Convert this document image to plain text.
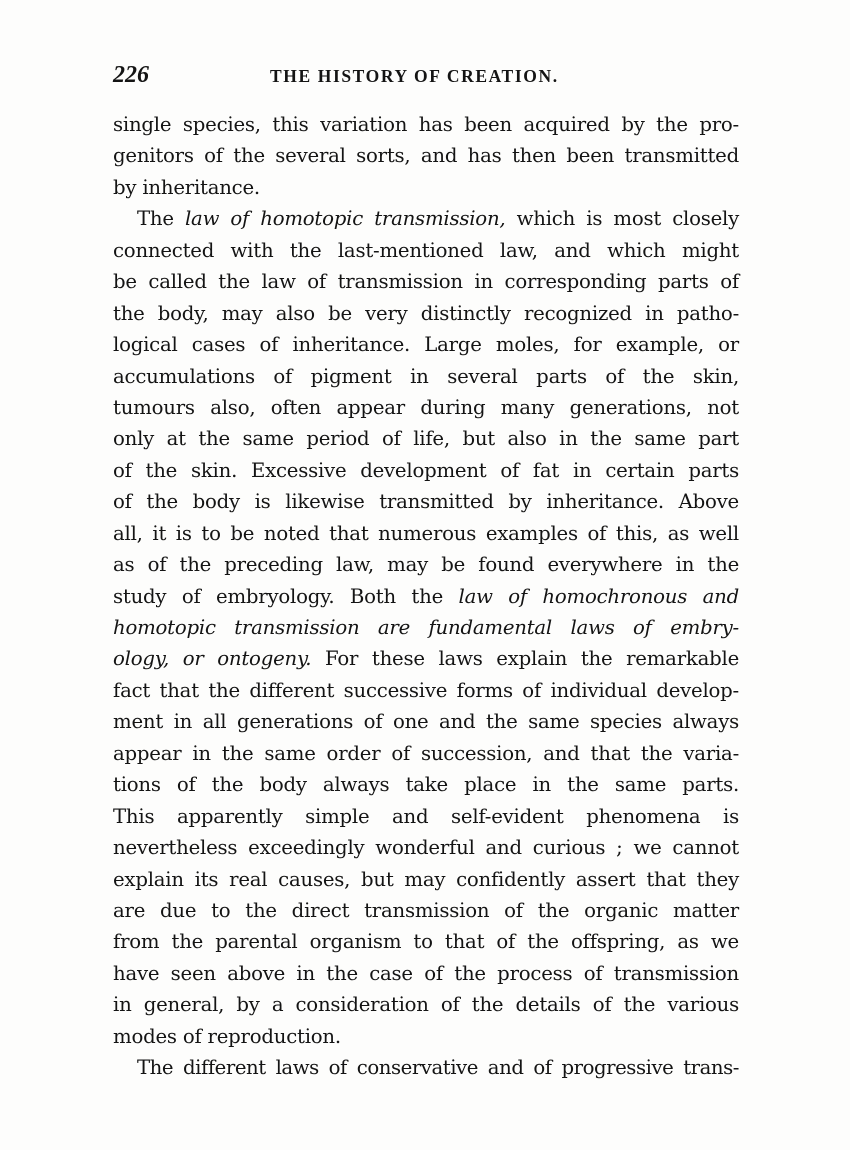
226	THE HISTORY OF CREATION.
single species, this variation has been acquired by the pro-
genitors of the several sorts, and has then been transmitted
by inheritance.
The law of homotopic transmission, which is most closely
connected with the last-mentioned law, and which might
be called the law of transmission in corresponding parts of
the body, may also be very distinctly recognized in patho-
logical cases of inheritance. Large moles, for example, or
accumulations of pigment in several parts of the skin,
tumours also, often appear during many generations, not
only at the same period of life, but also in the same part
of the skin. Excessive development of fat in certain parts
of the body is likewise transmitted by inheritance. Above
all, it is to be noted that numerous examples of this, as well
as of the preceding law, may be found everywhere in the
study of embryology. Both the law of homochronous and
homotopic transmission are fundamental laws of embry-
ology, or ontogeny. For these laws explain the remarkable
fact that the different successive forms of individual develop-
ment in all generations of one and the same species always
appear in the same order of succession, and that the varia-
tions of the body always take place in the same parts.
This apparently simple and self-evident phenomena is
nevertheless exceedingly wonderful and curious ; we cannot
explain its real causes, but may confidently assert that they
are due to the direct transmission of the organic matter
from the parental organism to that of the offspring, as we
have seen above in the case of the process of transmission
in general, by a consideration of the details of the various
modes of reproduction.
The different laws of conservative and of progressive trans-
